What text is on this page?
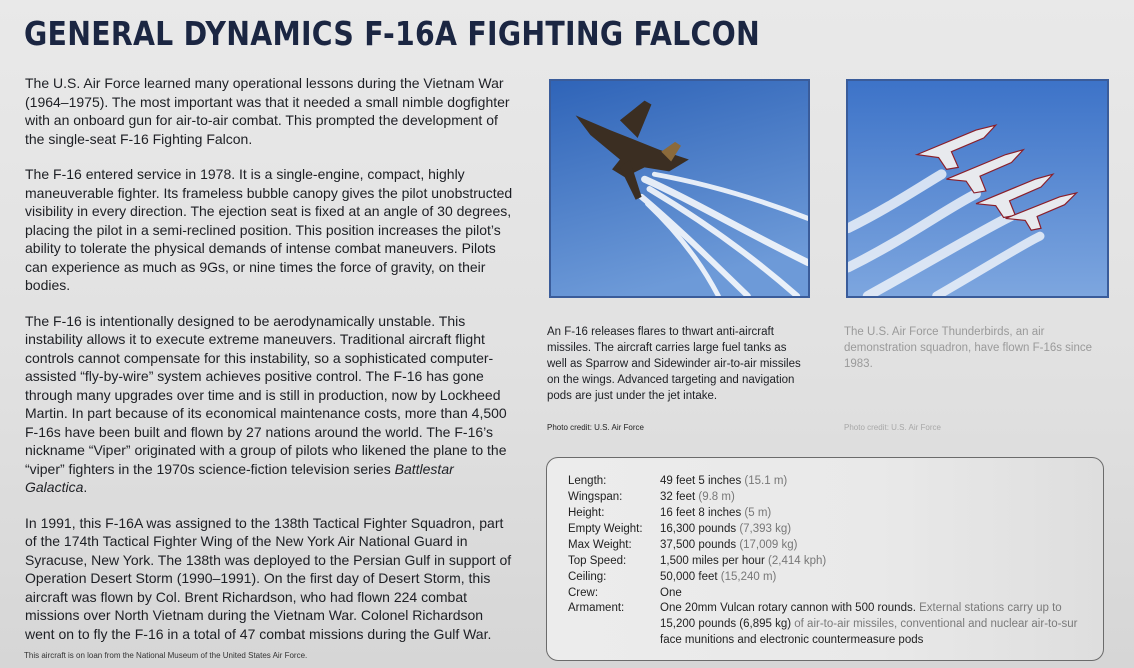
GENERAL DYNAMICS F-16A FIGHTING FALCON

The U.S. Air Force learned many operational lessons during the Vietnam War (1964–1975). The most important was that it needed a small nimble dogfighter with an onboard gun for air-to-air combat. This prompted the development of the single-seat F-16 Fighting Falcon.

The F-16 entered service in 1978. It is a single-engine, compact, highly maneuverable fighter. Its frameless bubble canopy gives the pilot unobstructed visibility in every direction. The ejection seat is fixed at an angle of 30 degrees, placing the pilot in a semi-reclined position. This position increases the pilot’s ability to tolerate the physical demands of intense combat maneuvers. Pilots can experience as much as 9Gs, or nine times the force of gravity, on their bodies.

The F-16 is intentionally designed to be aerodynamically unstable. This instability allows it to execute extreme maneuvers. Traditional aircraft flight controls cannot compensate for this instability, so a sophisticated computer-assisted “fly-by-wire” system achieves positive control. The F-16 has gone through many upgrades over time and is still in production, now by Lockheed Martin. In part because of its economical maintenance costs, more than 4,500 F-16s have been built and flown by 27 nations around the world. The F-16’s nickname “Viper” originated with a group of pilots who likened the plane to the “viper” fighters in the 1970s science-fiction television series Battlestar Galactica.

In 1991, this F-16A was assigned to the 138th Tactical Fighter Squadron, part of the 174th Tactical Fighter Wing of the New York Air National Guard in Syracuse, New York. The 138th was deployed to the Persian Gulf in support of Operation Desert Storm (1990–1991). On the first day of Desert Storm, this aircraft was flown by Col. Brent Richardson, who had flown 224 combat missions over North Vietnam during the Vietnam War. Colonel Richardson went on to fly the F-16 in a total of 47 combat missions during the Gulf War.

This aircraft is on loan from the National Museum of the United States Air Force.
An F-16 releases flares to thwart anti-aircraft missiles. The aircraft carries large fuel tanks as well as Sparrow and Sidewinder air-to-air missiles on the wings. Advanced targeting and navigation pods are just under the jet intake.
The U.S. Air Force Thunderbirds, an air demonstration squadron, have flown F-16s since 1983.
Photo credit: U.S. Air Force	Photo credit: U.S. Air Force
Length:	49 feet 5 inches (15.1 m)
Wingspan:	32 feet (9.8 m)
Height:	16 feet 8 inches (5 m)
Empty Weight:	16,300 pounds (7,393 kg)
Max Weight:	37,500 pounds (17,009 kg)
Top Speed:	1,500 miles per hour (2,414 kph)
Ceiling:	50,000 feet (15,240 m)
Crew:	One
Armament:	One 20mm Vulcan rotary cannon with 500 rounds. External stations carry up to
15,200 pounds (6,895 kg) of air-to-air missiles, conventional and nuclear air-to-sur
face munitions and electronic countermeasure pods
